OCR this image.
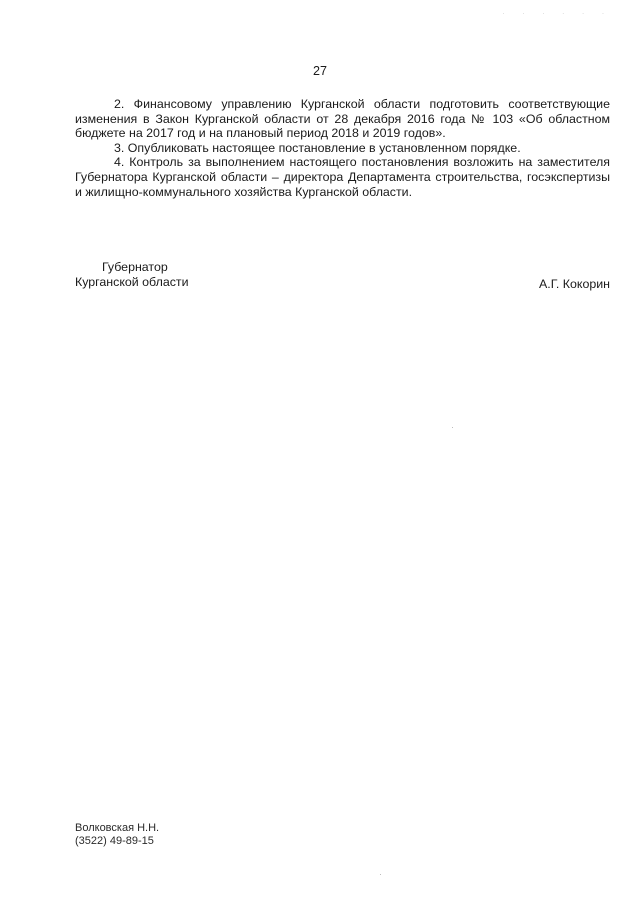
. . . . . .
27

2. Финансовому управлению Курганской области подготовить соответствующие изменения в Закон Курганской области от 28 декабря 2016 года № 103 «Об областном бюджете на 2017 год и на плановый период 2018 и 2019 годов».

3. Опубликовать настоящее постановление в установленном порядке.

4. Контроль за выполнением настоящего постановления возложить на заместителя Губернатора Курганской области – директора Департамента строительства, госэкспертизы и жилищно-коммунального хозяйства Курганской области.

Губернатор

Курганской области	А.Г. Кокорин
Волковская Н.Н.
(3522) 49-89-15
